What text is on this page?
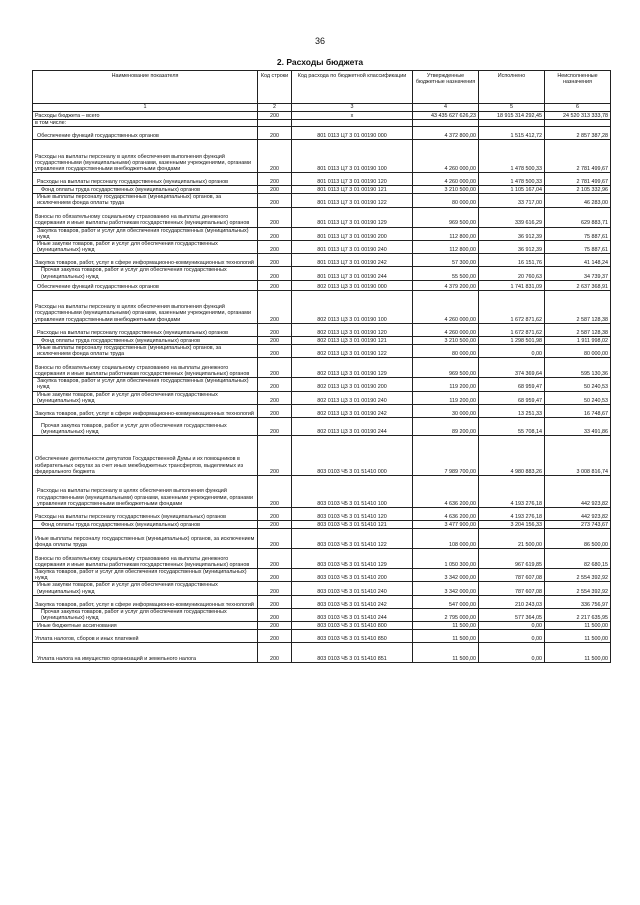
36
2. Расходы бюджета
Наименование показателя	Код строки	Код расхода по бюджетной классификации	Утвержденные бюджетные назначения	Исполнено	Неисполненные назначения
1	2	3	4	5	6
Расходы бюджета – всего	200	x	43 435 627 626,23	18 915 314 292,45	24 520 313 333,78
в том числе:					
Обеспечение функций государственных органов	200	801 0113 Ц7 3 01 00190 000	4 372 800,00	1 515 412,72	2 857 387,28
Расходы на выплаты персоналу в целях обеспечения выполнения функций государственными (муниципальными) органами, казенными учреждениями, органами управления государственными внебюджетными фондами	200	801 0113 Ц7 3 01 00190 100	4 260 000,00	1 478 500,33	2 781 499,67
Расходы на выплаты персоналу государственных (муниципальных) органов	200	801 0113 Ц7 3 01 00190 120	4 260 000,00	1 478 500,33	2 781 499,67
Фонд оплаты труда государственных (муниципальных) органов	200	801 0113 Ц7 3 01 00190 121	3 210 500,00	1 105 167,04	2 105 332,96
Иные выплаты персоналу государственных (муниципальных) органов, за исключением фонда оплаты труда	200	801 0113 Ц7 3 01 00190 122	80 000,00	33 717,00	46 283,00
Взносы по обязательному социальному страхованию на выплаты денежного содержания и иные выплаты работникам государственных (муниципальных) органов	200	801 0113 Ц7 3 01 00190 129	969 500,00	339 616,29	629 883,71
Закупка товаров, работ и услуг для обеспечения государственных (муниципальных) нужд	200	801 0113 Ц7 3 01 00190 200	112 800,00	36 912,39	75 887,61
Иные закупки товаров, работ и услуг для обеспечения государственных (муниципальных) нужд	200	801 0113 Ц7 3 01 00190 240	112 800,00	36 912,39	75 887,61
Закупка товаров, работ, услуг в сфере информационно-коммуникационных технологий	200	801 0113 Ц7 3 01 00190 242	57 300,00	16 151,76	41 148,24
Прочая закупка товаров, работ и услуг для обеспечения государственных (муниципальных) нужд	200	801 0113 Ц7 3 01 00190 244	55 500,00	20 760,63	34 739,37
Обеспечение функций государственных органов	200	802 0113 Ц3 3 01 00190 000	4 379 200,00	1 741 831,09	2 637 368,91
Расходы на выплаты персоналу в целях обеспечения выполнения функций государственными (муниципальными) органами, казенными учреждениями, органами управления государственными внебюджетными фондами	200	802 0113 Ц3 3 01 00190 100	4 260 000,00	1 672 871,62	2 587 128,38
Расходы на выплаты персоналу государственных (муниципальных) органов	200	802 0113 Ц3 3 01 00190 120	4 260 000,00	1 672 871,62	2 587 128,38
Фонд оплаты труда государственных (муниципальных) органов	200	802 0113 Ц3 3 01 00190 121	3 210 500,00	1 298 501,98	1 911 998,02
Иные выплаты персоналу государственных (муниципальных) органов, за исключением фонда оплаты труда	200	802 0113 Ц3 3 01 00190 122	80 000,00	0,00	80 000,00
Взносы по обязательному социальному страхованию на выплаты денежного содержания и иные выплаты работникам государственных (муниципальных) органов	200	802 0113 Ц3 3 01 00190 129	969 500,00	374 369,64	595 130,36
Закупка товаров, работ и услуг для обеспечения государственных (муниципальных) нужд	200	802 0113 Ц3 3 01 00190 200	119 200,00	68 959,47	50 240,53
Иные закупки товаров, работ и услуг для обеспечения государственных (муниципальных) нужд	200	802 0113 Ц3 3 01 00190 240	119 200,00	68 959,47	50 240,53
Закупка товаров, работ, услуг в сфере информационно-коммуникационных технологий	200	802 0113 Ц3 3 01 00190 242	30 000,00	13 251,33	16 748,67
Прочая закупка товаров, работ и услуг для обеспечения государственных (муниципальных) нужд	200	802 0113 Ц3 3 01 00190 244	89 200,00	55 708,14	33 491,86
Обеспечение деятельности депутатов Государственной Думы и их помощников в избирательных округах за счет иных межбюджетных трансфертов, выделяемых из федерального бюджета	200	803 0103 Ч5 3 01 51410 000	7 989 700,00	4 980 883,26	3 008 816,74
Расходы на выплаты персоналу в целях обеспечения выполнения функций государственными (муниципальными) органами, казенными учреждениями, органами управления государственными внебюджетными фондами	200	803 0103 Ч5 3 01 51410 100	4 636 200,00	4 193 276,18	442 923,82
Расходы на выплаты персоналу государственных (муниципальных) органов	200	803 0103 Ч5 3 01 51410 120	4 636 200,00	4 193 276,18	442 923,82
Фонд оплаты труда государственных (муниципальных) органов	200	803 0103 Ч5 3 01 51410 121	3 477 900,00	3 204 156,33	273 743,67
Иные выплаты персоналу государственных (муниципальных) органов, за исключением фонда оплаты труда	200	803 0103 Ч5 3 01 51410 122	108 000,00	21 500,00	86 500,00
Взносы по обязательному социальному страхованию на выплаты денежного содержания и иные выплаты работникам государственных (муниципальных) органов	200	803 0103 Ч5 3 01 51410 129	1 050 300,00	967 619,85	82 680,15
Закупка товаров, работ и услуг для обеспечения государственных (муниципальных) нужд	200	803 0103 Ч5 3 01 51410 200	3 342 000,00	787 607,08	2 554 392,92
Иные закупки товаров, работ и услуг для обеспечения государственных (муниципальных) нужд	200	803 0103 Ч5 3 01 51410 240	3 342 000,00	787 607,08	2 554 392,92
Закупка товаров, работ, услуг в сфере информационно-коммуникационных технологий	200	803 0103 Ч5 3 01 51410 242	547 000,00	210 243,03	336 756,97
Прочая закупка товаров, работ и услуг для обеспечения государственных (муниципальных) нужд	200	803 0103 Ч5 3 01 51410 244	2 795 000,00	577 364,05	2 217 635,95
Иные бюджетные ассигнования	200	803 0103 Ч5 3 01 51410 800	11 500,00	0,00	11 500,00
Уплата налогов, сборов и иных платежей	200	803 0103 Ч5 3 01 51410 850	11 500,00	0,00	11 500,00
Уплата налога на имущество организаций и земельного налога	200	803 0103 Ч5 3 01 51410 851	11 500,00	0,00	11 500,00
